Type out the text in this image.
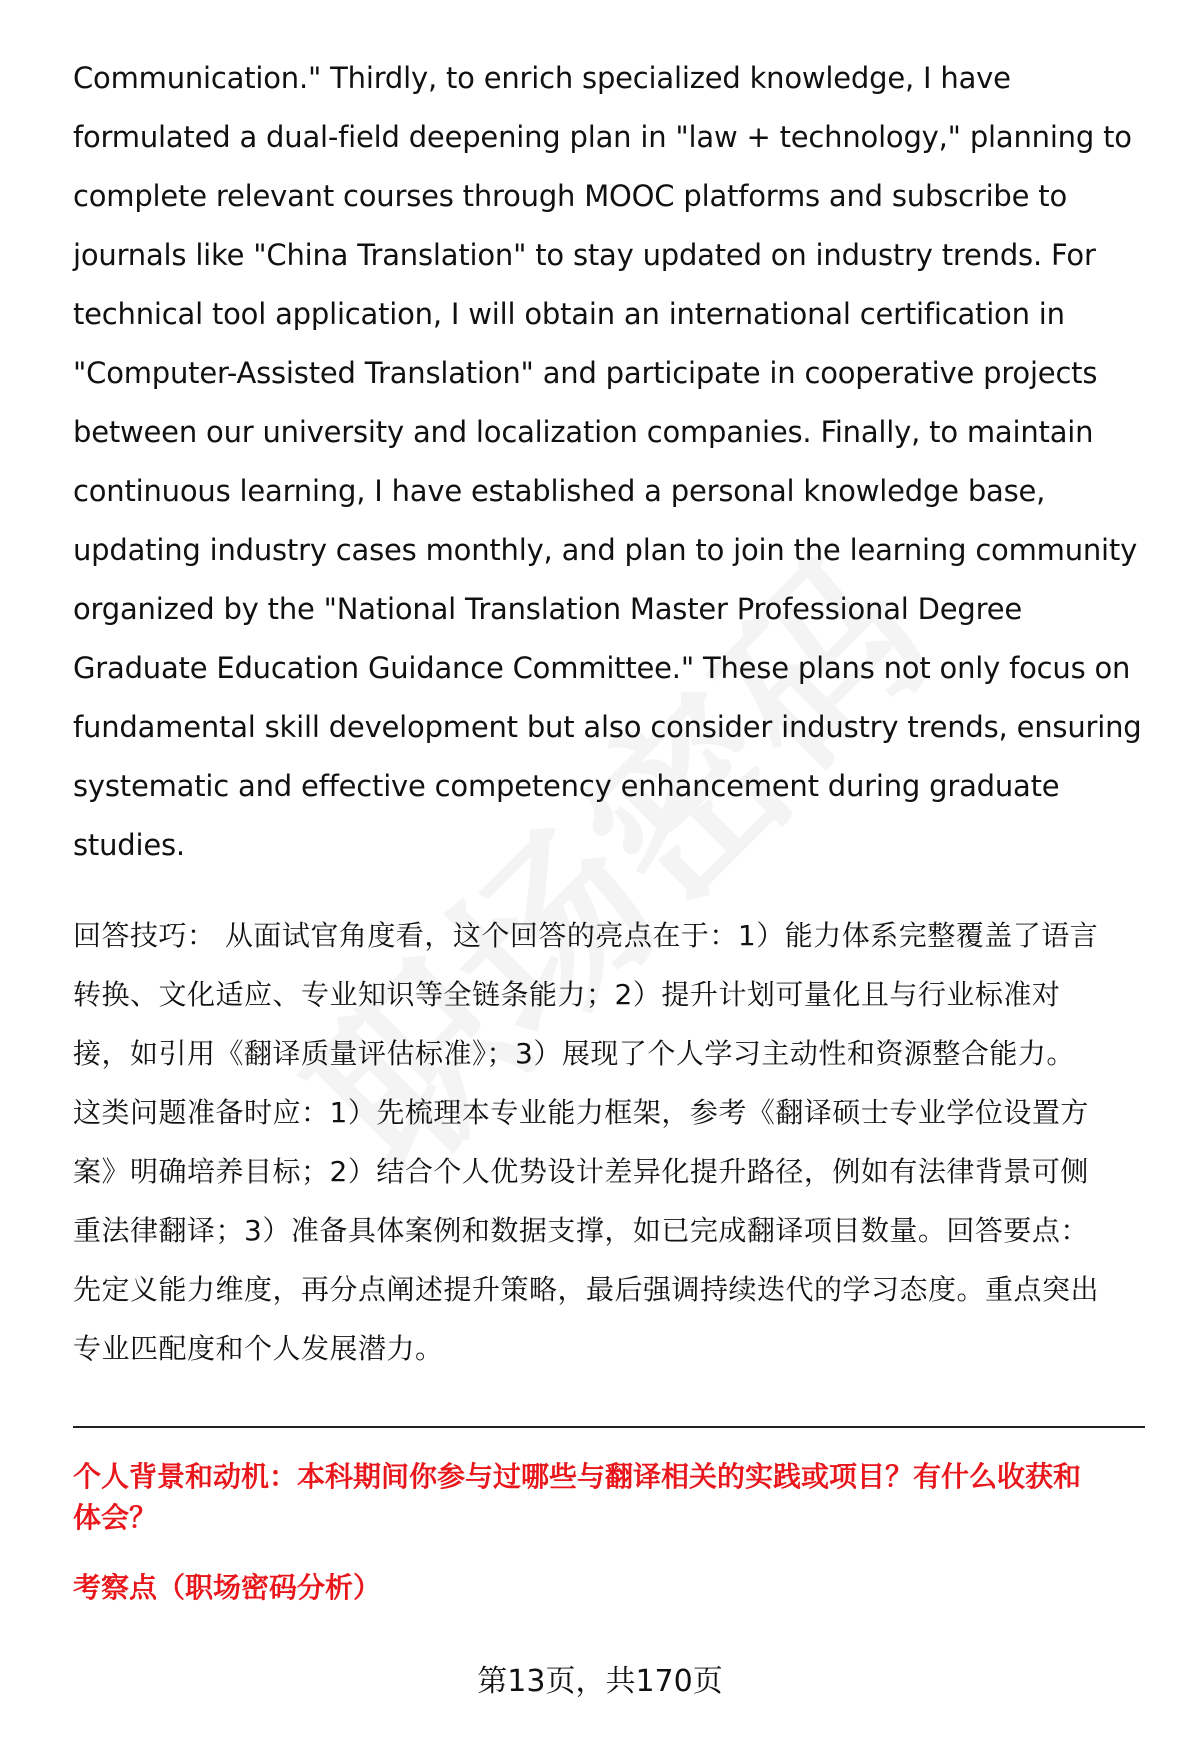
Communication." Thirdly, to enrich specialized knowledge, I have
formulated a dual-field deepening plan in "law + technology," planning to
complete relevant courses through MOOC platforms and subscribe to
journals like "China Translation" to stay updated on industry trends. For
technical tool application, I will obtain an international certification in
"Computer-Assisted Translation" and participate in cooperative projects
between our university and localization companies. Finally, to maintain
continuous learning, I have established a personal knowledge base,
updating industry cases monthly, and plan to join the learning community
organized by the "National Translation Master Professional Degree
Graduate Education Guidance Committee." These plans not only focus on
fundamental skill development but also consider industry trends, ensuring
systematic and effective competency enhancement during graduate
studies.
回答技巧： 从面试官角度看，这个回答的亮点在于：1）能力体系完整覆盖了语言
转换、文化适应、专业知识等全链条能力；2）提升计划可量化且与行业标准对
接，如引用《翻译质量评估标准》；3）展现了个人学习主动性和资源整合能力。
这类问题准备时应：1）先梳理本专业能力框架，参考《翻译硕士专业学位设置方
案》明确培养目标；2）结合个人优势设计差异化提升路径，例如有法律背景可侧
重法律翻译；3）准备具体案例和数据支撑，如已完成翻译项目数量。回答要点：
先定义能力维度，再分点阐述提升策略，最后强调持续迭代的学习态度。重点突出
专业匹配度和个人发展潜力。
个人背景和动机：本科期间你参与过哪些与翻译相关的实践或项目？有什么收获和
体会？
考察点（职场密码分析）
第13页，共170页
